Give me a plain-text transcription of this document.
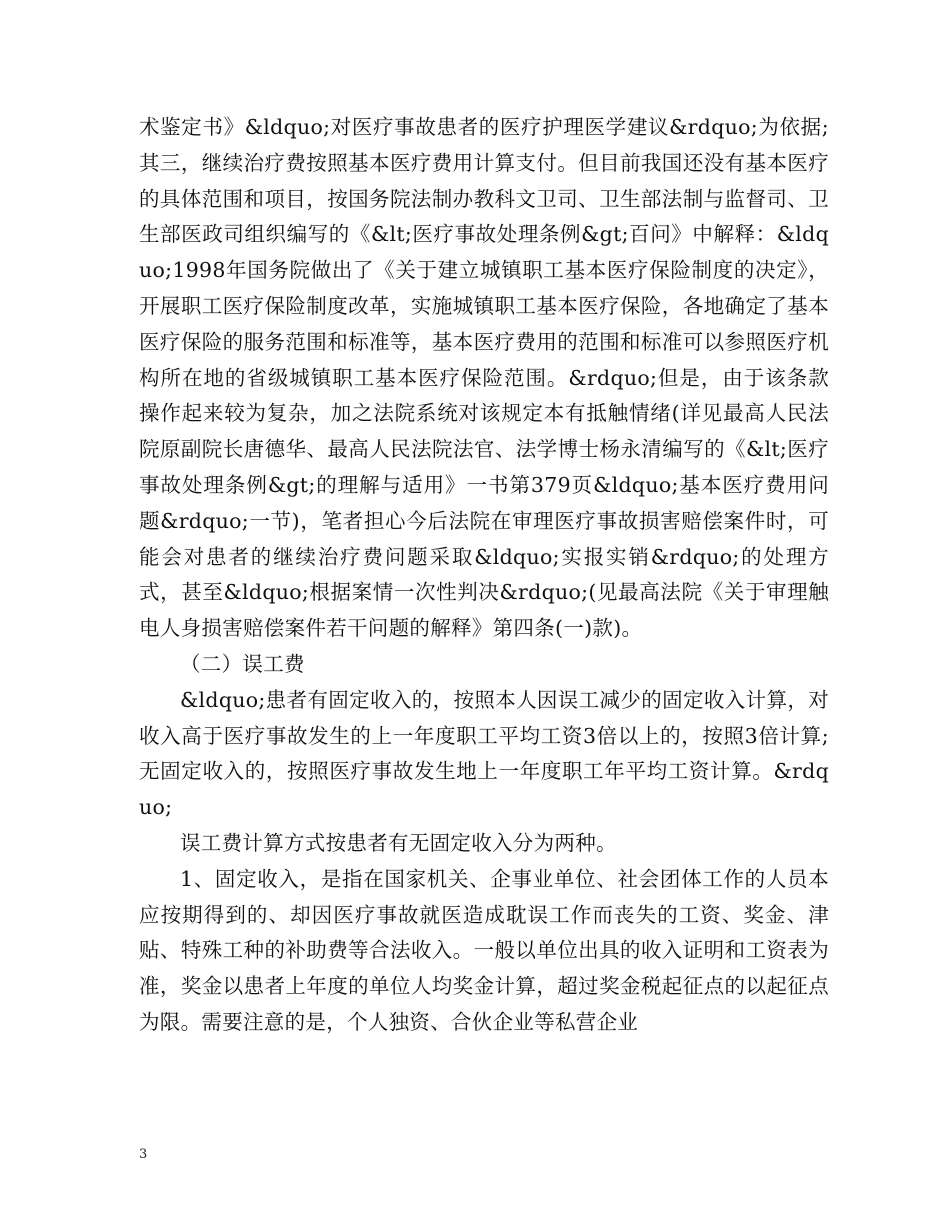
术鉴定书》&ldquo;对医疗事故患者的医疗护理医学建议&rdquo;为依据;其三，继续治疗费按照基本医疗费用计算支付。但目前我国还没有基本医疗的具体范围和项目，按国务院法制办教科文卫司、卫生部法制与监督司、卫生部医政司组织编写的《&lt;医疗事故处理条例&gt;百问》中解释：&ldquo;1998年国务院做出了《关于建立城镇职工基本医疗保险制度的决定》，开展职工医疗保险制度改革，实施城镇职工基本医疗保险，各地确定了基本医疗保险的服务范围和标准等，基本医疗费用的范围和标准可以参照医疗机构所在地的省级城镇职工基本医疗保险范围。&rdquo;但是，由于该条款操作起来较为复杂，加之法院系统对该规定本有抵触情绪(详见最高人民法院原副院长唐德华、最高人民法院法官、法学博士杨永清编写的《&lt;医疗事故处理条例&gt;的理解与适用》一书第379页&ldquo;基本医疗费用问题&rdquo;一节)，笔者担心今后法院在审理医疗事故损害赔偿案件时，可能会对患者的继续治疗费问题采取&ldquo;实报实销&rdquo;的处理方式，甚至&ldquo;根据案情一次性判决&rdquo;(见最高法院《关于审理触电人身损害赔偿案件若干问题的解释》第四条(一)款)。

（二）误工费

&ldquo;患者有固定收入的，按照本人因误工减少的固定收入计算，对收入高于医疗事故发生的上一年度职工平均工资3倍以上的，按照3倍计算;无固定收入的，按照医疗事故发生地上一年度职工年平均工资计算。&rdquo;

误工费计算方式按患者有无固定收入分为两种。

1、固定收入，是指在国家机关、企事业单位、社会团体工作的人员本应按期得到的、却因医疗事故就医造成耽误工作而丧失的工资、奖金、津贴、特殊工种的补助费等合法收入。一般以单位出具的收入证明和工资表为准，奖金以患者上年度的单位人均奖金计算，超过奖金税起征点的以起征点为限。需要注意的是，个人独资、合伙企业等私营企业

3
